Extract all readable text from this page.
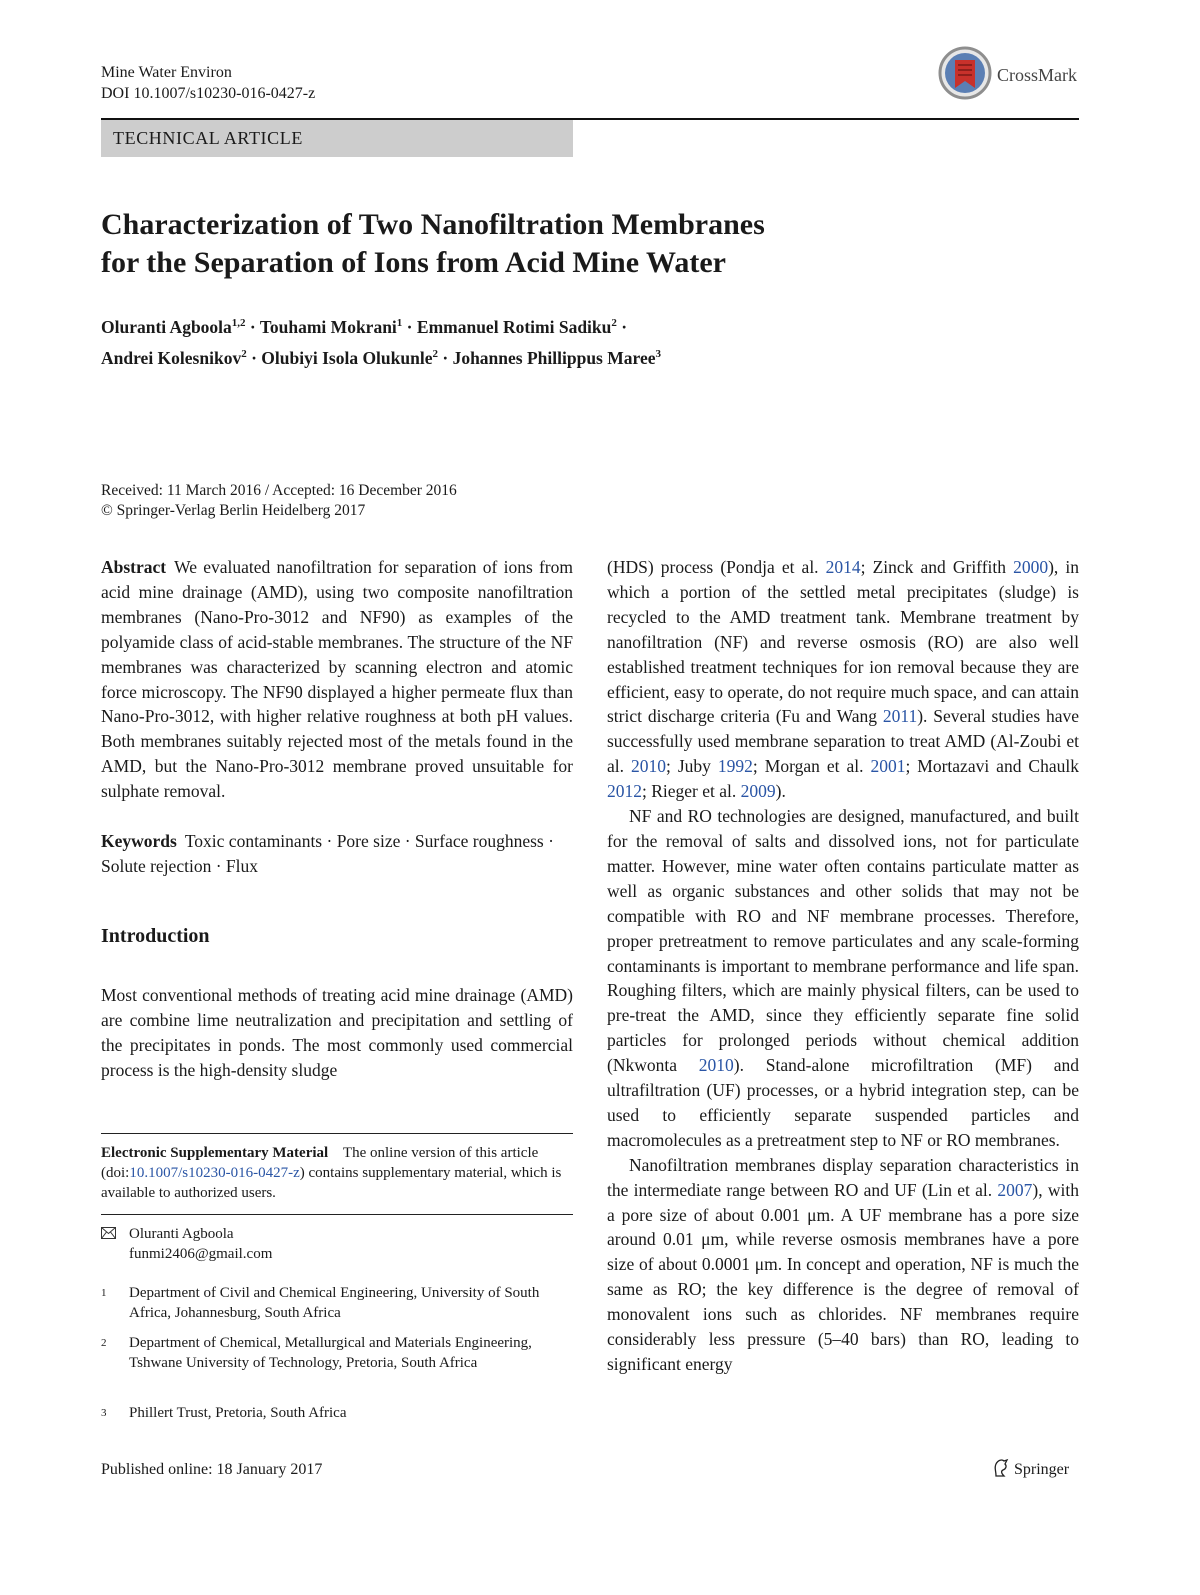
Mine Water Environ
DOI 10.1007/s10230-016-0427-z
CrossMark
TECHNICAL ARTICLE
Characterization of Two Nanofiltration Membranes
for the Separation of Ions from Acid Mine Water
Oluranti Agboola$^{1,2}$ · Touhami Mokrani$^1$ · Emmanuel Rotimi Sadiku$^2$ ·
Andrei Kolesnikov$^2$ · Olubiyi Isola Olukunle$^2$ · Johannes Phillippus Maree$^3$
Received: 11 March 2016 / Accepted: 16 December 2016
© Springer-Verlag Berlin Heidelberg 2017

Abstract We evaluated nanofiltration for separation of ions from acid mine drainage (AMD), using two composite nanofiltration membranes (Nano-Pro-3012 and NF90) as examples of the polyamide class of acid-stable membranes. The structure of the NF membranes was characterized by scanning electron and atomic force microscopy. The NF90 displayed a higher permeate flux than Nano-Pro-3012, with higher relative roughness at both pH values. Both membranes suitably rejected most of the metals found in the AMD, but the Nano-Pro-3012 membrane proved unsuitable for sulphate removal.

Keywords Toxic contaminants · Pore size · Surface roughness · Solute rejection · Flux

Introduction

Most conventional methods of treating acid mine drainage (AMD) are combine lime neutralization and precipitation and settling of the precipitates in ponds. The most commonly used commercial process is the high-density sludge

Electronic Supplementary Material The online version of this article (doi:10.1007/s10230-016-0427-z) contains supplementary material, which is available to authorized users.
Oluranti Agboola
funmi2406@gmail.com
1 Department of Civil and Chemical Engineering, University of South Africa, Johannesburg, South Africa
2 Department of Chemical, Metallurgical and Materials Engineering, Tshwane University of Technology, Pretoria, South Africa
3 Phillert Trust, Pretoria, South Africa

(HDS) process (Pondja et al. 2014; Zinck and Griffith 2000), in which a portion of the settled metal precipitates (sludge) is recycled to the AMD treatment tank. Membrane treatment by nanofiltration (NF) and reverse osmosis (RO) are also well established treatment techniques for ion removal because they are efficient, easy to operate, do not require much space, and can attain strict discharge criteria (Fu and Wang 2011). Several studies have successfully used membrane separation to treat AMD (Al-Zoubi et al. 2010; Juby 1992; Morgan et al. 2001; Mortazavi and Chaulk 2012; Rieger et al. 2009).

NF and RO technologies are designed, manufactured, and built for the removal of salts and dissolved ions, not for particulate matter. However, mine water often contains particulate matter as well as organic substances and other solids that may not be compatible with RO and NF membrane processes. Therefore, proper pretreatment to remove particulates and any scale-forming contaminants is important to membrane performance and life span. Roughing filters, which are mainly physical filters, can be used to pre-treat the AMD, since they efficiently separate fine solid particles for prolonged periods without chemical addition (Nkwonta 2010). Stand-alone microfiltration (MF) and ultrafiltration (UF) processes, or a hybrid integration step, can be used to efficiently separate suspended particles and macromolecules as a pretreatment step to NF or RO membranes.

Nanofiltration membranes display separation characteristics in the intermediate range between RO and UF (Lin et al. 2007), with a pore size of about 0.001 μm. A UF membrane has a pore size around 0.01 μm, while reverse osmosis membranes have a pore size of about 0.0001 μm. In concept and operation, NF is much the same as RO; the key difference is the degree of removal of monovalent ions such as chlorides. NF membranes require considerably less pressure (5–40 bars) than RO, leading to significant energy

Published online: 18 January 2017	Springer
